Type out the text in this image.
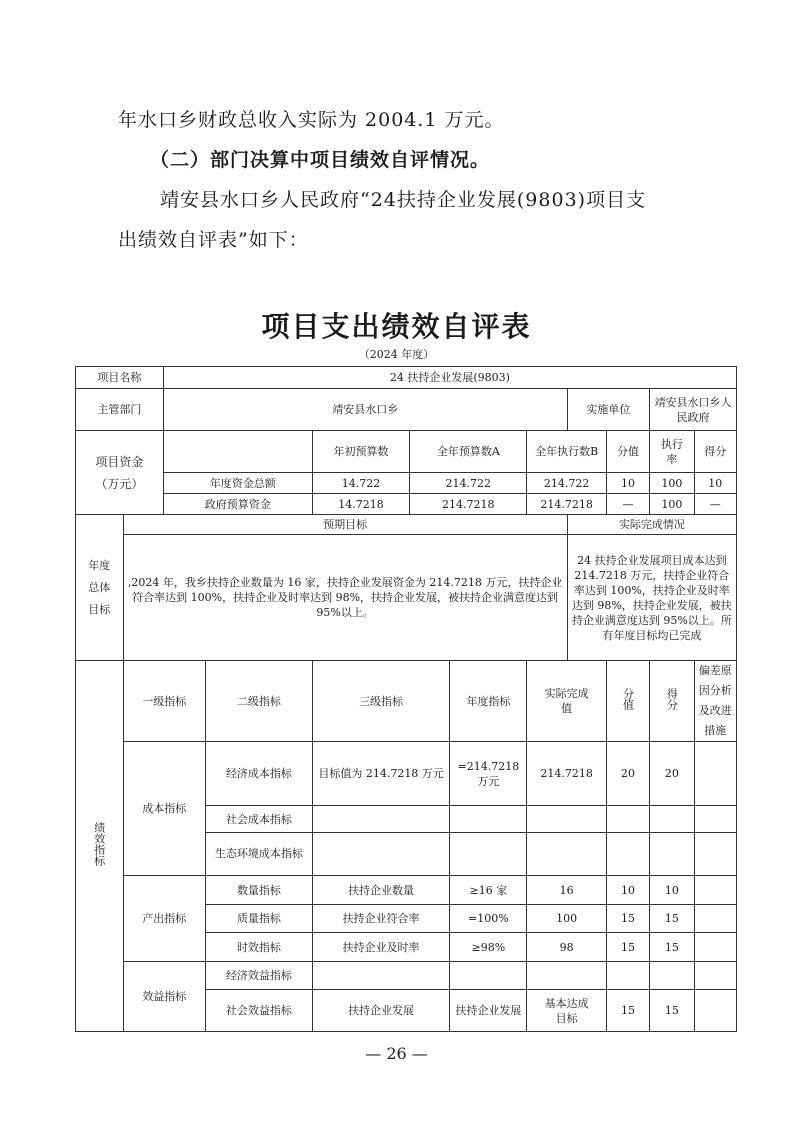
年水口乡财政总收入实际为 2004.1 万元。
（二）部门决算中项目绩效自评情况。
靖安县水口乡人民政府“24扶持企业发展(9803)项目支
出绩效自评表”如下：
项目支出绩效自评表
（2024 年度）
项目名称		24 扶持企业发展(9803)									
主管部门		靖安县水口乡						实施单位		靖安县水口乡人民政府	
项目资金（万元）				年初预算数	全年预算数A		全年执行数B		分值	执行率	得分
		年度资金总额		14.722	214.722		214.722		10	100	10
		政府预算资金		14.7218	214.7218		214.7218		—	100	—
年度总体目标	预期目标							实际完成情况			
	,2024 年，我乡扶持企业数量为 16 家，扶持企业发展资金为 214.7218 万元，扶持企业符合率达到 100%，扶持企业及时率达到 98%，扶持企业发展，被扶持企业满意度达到 95%以上。							24 扶持企业发展项目成本达到 214.7218 万元，扶持企业符合率达到 100%，扶持企业及时率达到 98%，扶持企业发展，被扶持企业满意度达到 95%以上。所有年度目标均已完成			
绩效指标	一级指标		二级指标	三级指标		年度指标	实际完成值		分值	得分	偏差原因分析及改进措施
	成本指标		经济成本指标	目标值为 214.7218 万元		=214.7218万元	214.7218		20	20	
			社会成本指标								
			生态环境成本指标								
	产出指标		数量指标	扶持企业数量		≥16 家	16		10	10	
			质量指标	扶持企业符合率		=100%	100		15	15	
			时效指标	扶持企业及时率		≥98%	98		15	15	
	效益指标		经济效益指标								
			社会效益指标	扶持企业发展		扶持企业发展	基本达成目标		15	15	
— 26 —
